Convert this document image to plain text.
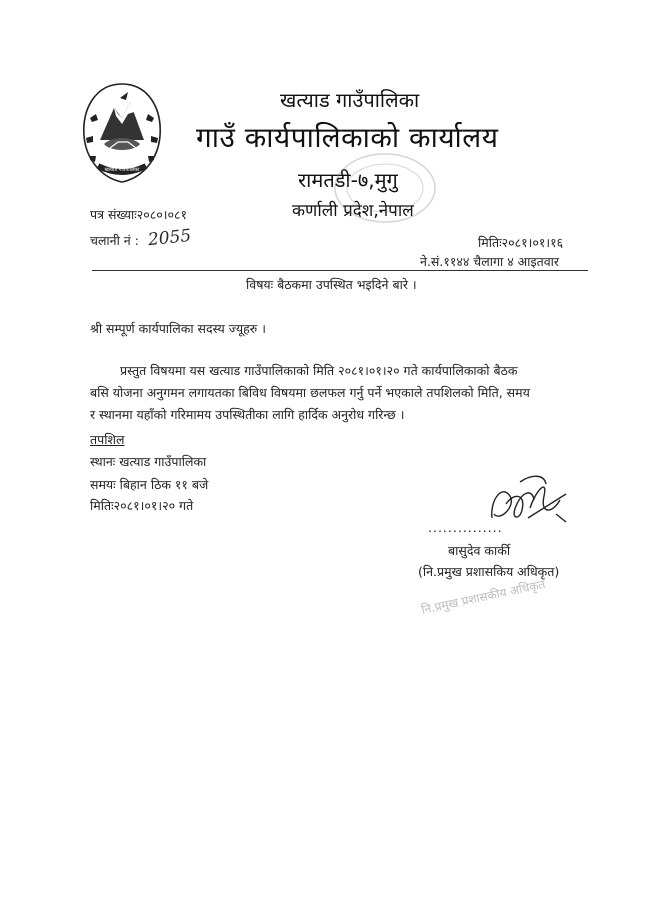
खत्याड गाउँपालिका
खत्याड गाउँपालिका
गाउँ कार्यपालिकाको कार्यालय
रामतडी-७,मुगु
कर्णाली प्रदेश,नेपाल
पत्र संख्याः२०८०।०८१
चलानी नं : 2055	मितिः२०८१।०१।१६
ने.सं.११४४ चैलागा ४ आइतवार
विषयः बैठकमा उपस्थित भइदिने बारे ।
श्री सम्पूर्ण कार्यपालिका सदस्य ज्यूहरु ।
प्रस्तुत विषयमा यस खत्याड गाउँपालिकाको मिति २०८१।०१।२० गते कार्यपालिकाको बैठक
बसि योजना अनुगमन लगायतका बिविध विषयमा छलफल गर्नु पर्ने भएकाले तपशिलको मिति, समय
र स्थानमा यहाँको गरिमामय उपस्थितीका लागि हार्दिक अनुरोध गरिन्छ ।
तपशिल
स्थानः खत्याड गाउँपालिका
समयः बिहान ठिक ११ बजे
मितिः२०८१।०१।२० गते
...............
बासुदेव कार्की
(नि.प्रमुख प्रशासकिय अधिकृत)
नि.प्रमुख प्रशासकीय अधिकृत
